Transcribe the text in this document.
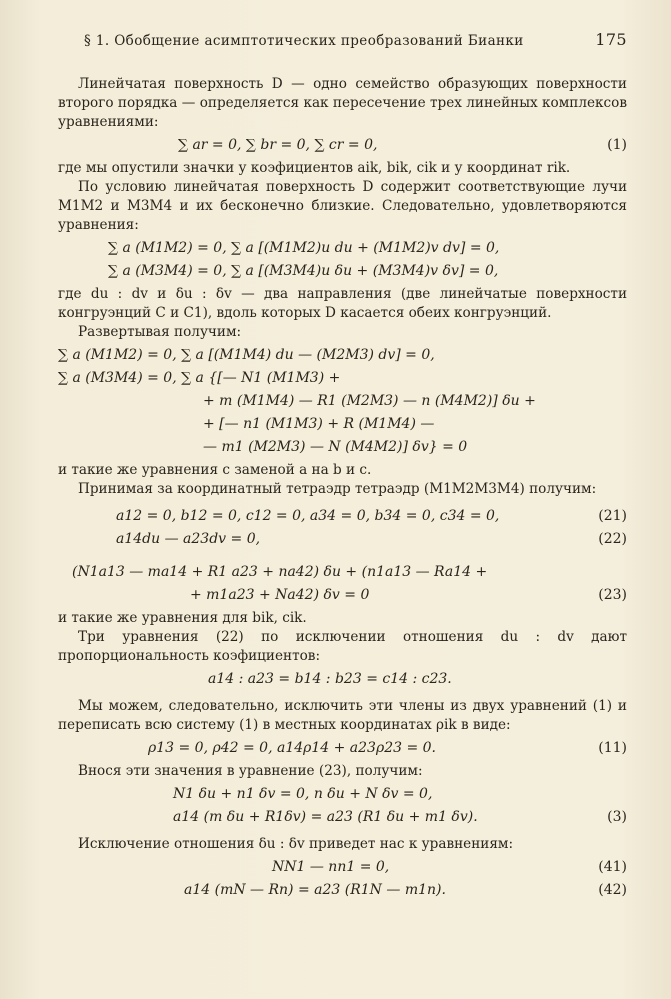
§ 1. Обобщение асимптотических преобразований Бианки	175

Линейчатая поверхность D — одно семейство образующих поверхности второго порядка — определяется как пересечение трех линейных комплексов уравнениями:

∑ ar = 0, ∑ br = 0, ∑ cr = 0,	(1)

где мы опустили значки у коэфициентов aik, bik, cik и у координат rik.

По условию линейчатая поверхность D содержит соответствующие лучи M1M2 и M3M4 и их бесконечно близкие. Следовательно, удовлетворяются уравнения:

∑ a (M1M2) = 0, ∑ a [(M1M2)u du + (M1M2)v dv] = 0,
∑ a (M3M4) = 0, ∑ a [(M3M4)u δu + (M3M4)v δv] = 0,

где du : dv и δu : δv — два направления (две линейчатые поверхности конгруэнций C и C1), вдоль которых D касается обеих конгруэнций.

Развертывая получим:

∑ a (M1M2) = 0, ∑ a [(M1M4) du — (M2M3) dv] = 0,
∑ a (M3M4) = 0, ∑ a {[— N1 (M1M3) +
+ m (M1M4) — R1 (M2M3) — n (M4M2)] δu +
+ [— n1 (M1M3) + R (M1M4) —
— m1 (M2M3) — N (M4M2)] δv} = 0

и такие же уравнения с заменой a на b и c.

Принимая за координатный тетраэдр тетраэдр (M1M2M3M4) получим:

a12 = 0, b12 = 0, c12 = 0, a34 = 0, b34 = 0, c34 = 0,	(21)
a14du — a23dv = 0,	(22)
(N1a13 — ma14 + R1 a23 + na42) δu + (n1a13 — Ra14 +
+ m1a23 + Na42) δv = 0	(23)

и такие же уравнения для bik, cik.

Три уравнения (22) по исключении отношения du : dv дают пропорциональность коэфициентов:

a14 : a23 = b14 : b23 = c14 : c23.

Мы можем, следовательно, исключить эти члены из двух уравнений (1) и переписать всю систему (1) в местных координатах ρik в виде:

ρ13 = 0, ρ42 = 0, a14ρ14 + a23ρ23 = 0.	(11)

Внося эти значения в уравнение (23), получим:

N1 δu + n1 δv = 0, n δu + N δv = 0,
a14 (m δu + R1δv) = a23 (R1 δu + m1 δv).	(3)

Исключение отношения δu : δv приведет нас к уравнениям:

NN1 — nn1 = 0,	(41)
a14 (mN — Rn) = a23 (R1N — m1n).	(42)
